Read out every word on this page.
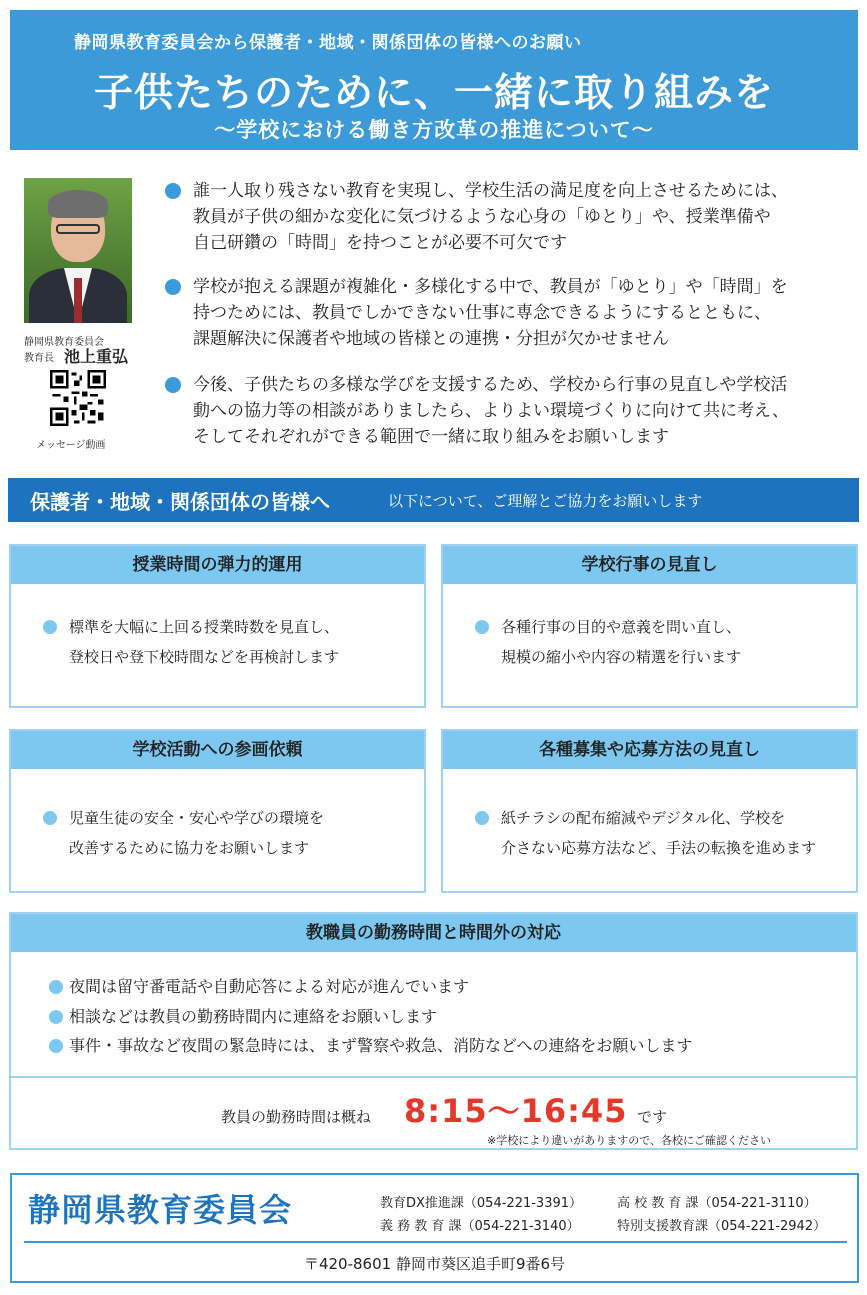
静岡県教育委員会から保護者・地域・関係団体の皆様へのお願い
子供たちのために、一緒に取り組みを
～学校における働き方改革の推進について～
静岡県教育委員会
教育長 池上重弘
メッセージ動画
誰一人取り残さない教育を実現し、学校生活の満足度を向上させるためには、
教員が子供の細かな変化に気づけるような心身の「ゆとり」や、授業準備や
自己研鑽の「時間」を持つことが必要不可欠です
学校が抱える課題が複雑化・多様化する中で、教員が「ゆとり」や「時間」を
持つためには、教員でしかできない仕事に専念できるようにするとともに、
課題解決に保護者や地域の皆様との連携・分担が欠かせません
今後、子供たちの多様な学びを支援するため、学校から行事の見直しや学校活
動への協力等の相談がありましたら、よりよい環境づくりに向けて共に考え、
そしてそれぞれができる範囲で一緒に取り組みをお願いします
保護者・地域・関係団体の皆様へ	以下について、ご理解とご協力をお願いします
授業時間の弾力的運用
標準を大幅に上回る授業時数を見直し、
登校日や登下校時間などを再検討します
学校行事の見直し
各種行事の目的や意義を問い直し、
規模の縮小や内容の精選を行います
学校活動への参画依頼
児童生徒の安全・安心や学びの環境を
改善するために協力をお願いします
各種募集や応募方法の見直し
紙チラシの配布縮減やデジタル化、学校を
介さない応募方法など、手法の転換を進めます
教職員の勤務時間と時間外の対応
夜間は留守番電話や自動応答による対応が進んでいます
相談などは教員の勤務時間内に連絡をお願いします
事件・事故など夜間の緊急時には、まず警察や救急、消防などへの連絡をお願いします
教員の勤務時間は概ね 8:15～16:45 です
※学校により違いがありますので、各校にご確認ください
静岡県教育委員会	教育DX推進課（054-221-3391）	高 校 教 育 課（054-221-3110）
義 務 教 育 課（054-221-3140）	特別支援教育課（054-221-2942）
〒420-8601 静岡市葵区追手町9番6号
